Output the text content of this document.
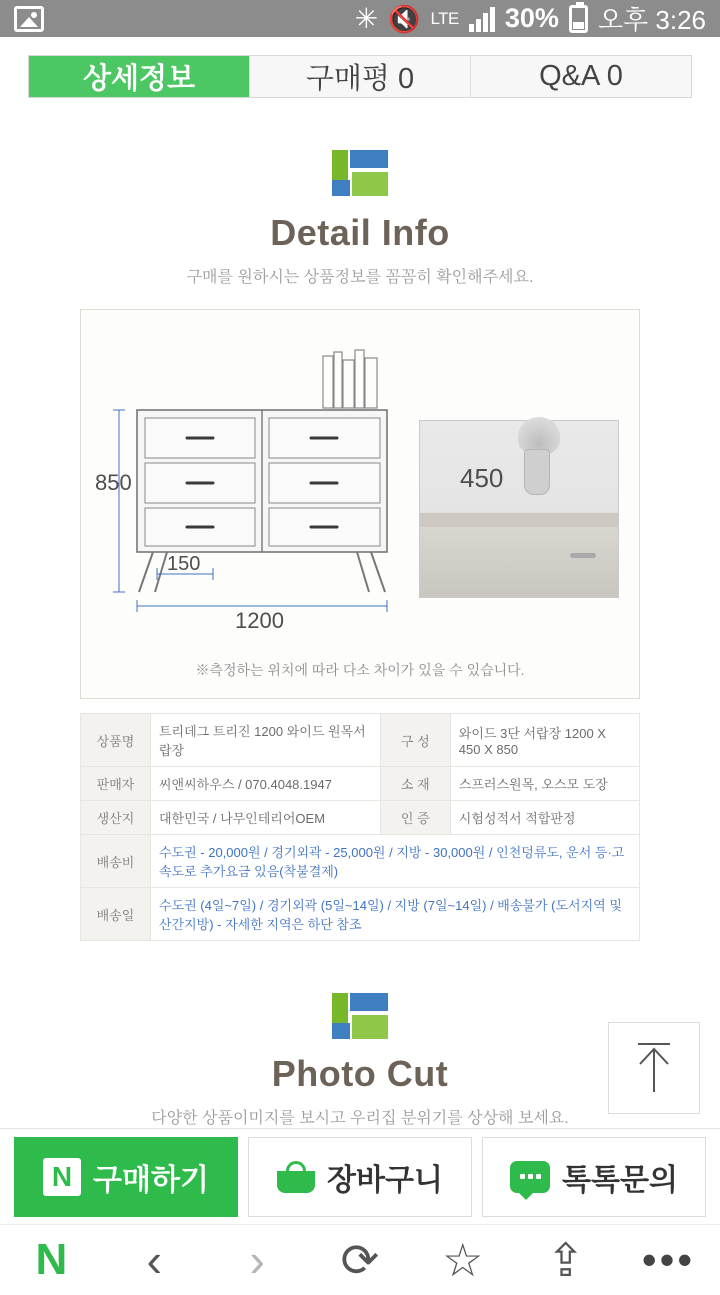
✳ 🔇 LTE 30% 오후 3:26
상세정보	구매평 0	Q&A 0
Detail Info
구매를 원하시는 상품정보를 꼼꼼히 확인해주세요.
850
150
1200
450
※측정하는 위치에 따라 다소 차이가 있을 수 있습니다.
상품명	트리데그 트리진 1200 와이드 원목서랍장	구 성	와이드 3단 서랍장 1200 X 450 X 850
판매자	씨앤씨하우스 / 070.4048.1947	소 재	스프러스원목, 오스모 도장
생산지	대한민국 / 나무인테리어OEM	인 증	시험성적서 적합판정
배송비	수도권 - 20,000원 / 경기외곽 - 25,000원 / 지방 - 30,000원 / 인천덩류도, 운서 등·고속도로 추가요금 있음(착불결제)		
배송일	수도권 (4일~7일) / 경기외곽 (5일~14일) / 지방 (7일~14일) / 배송불가 (도서지역 및 산간지방) - 자세한 지역은 하단 참조		
Photo Cut
다양한 상품이미지를 보시고 우리집 분위기를 상상해 보세요.
N 구매하기	장바구니	톡톡문의
N ‹ › ⟳ ☆ ⇪ •••
